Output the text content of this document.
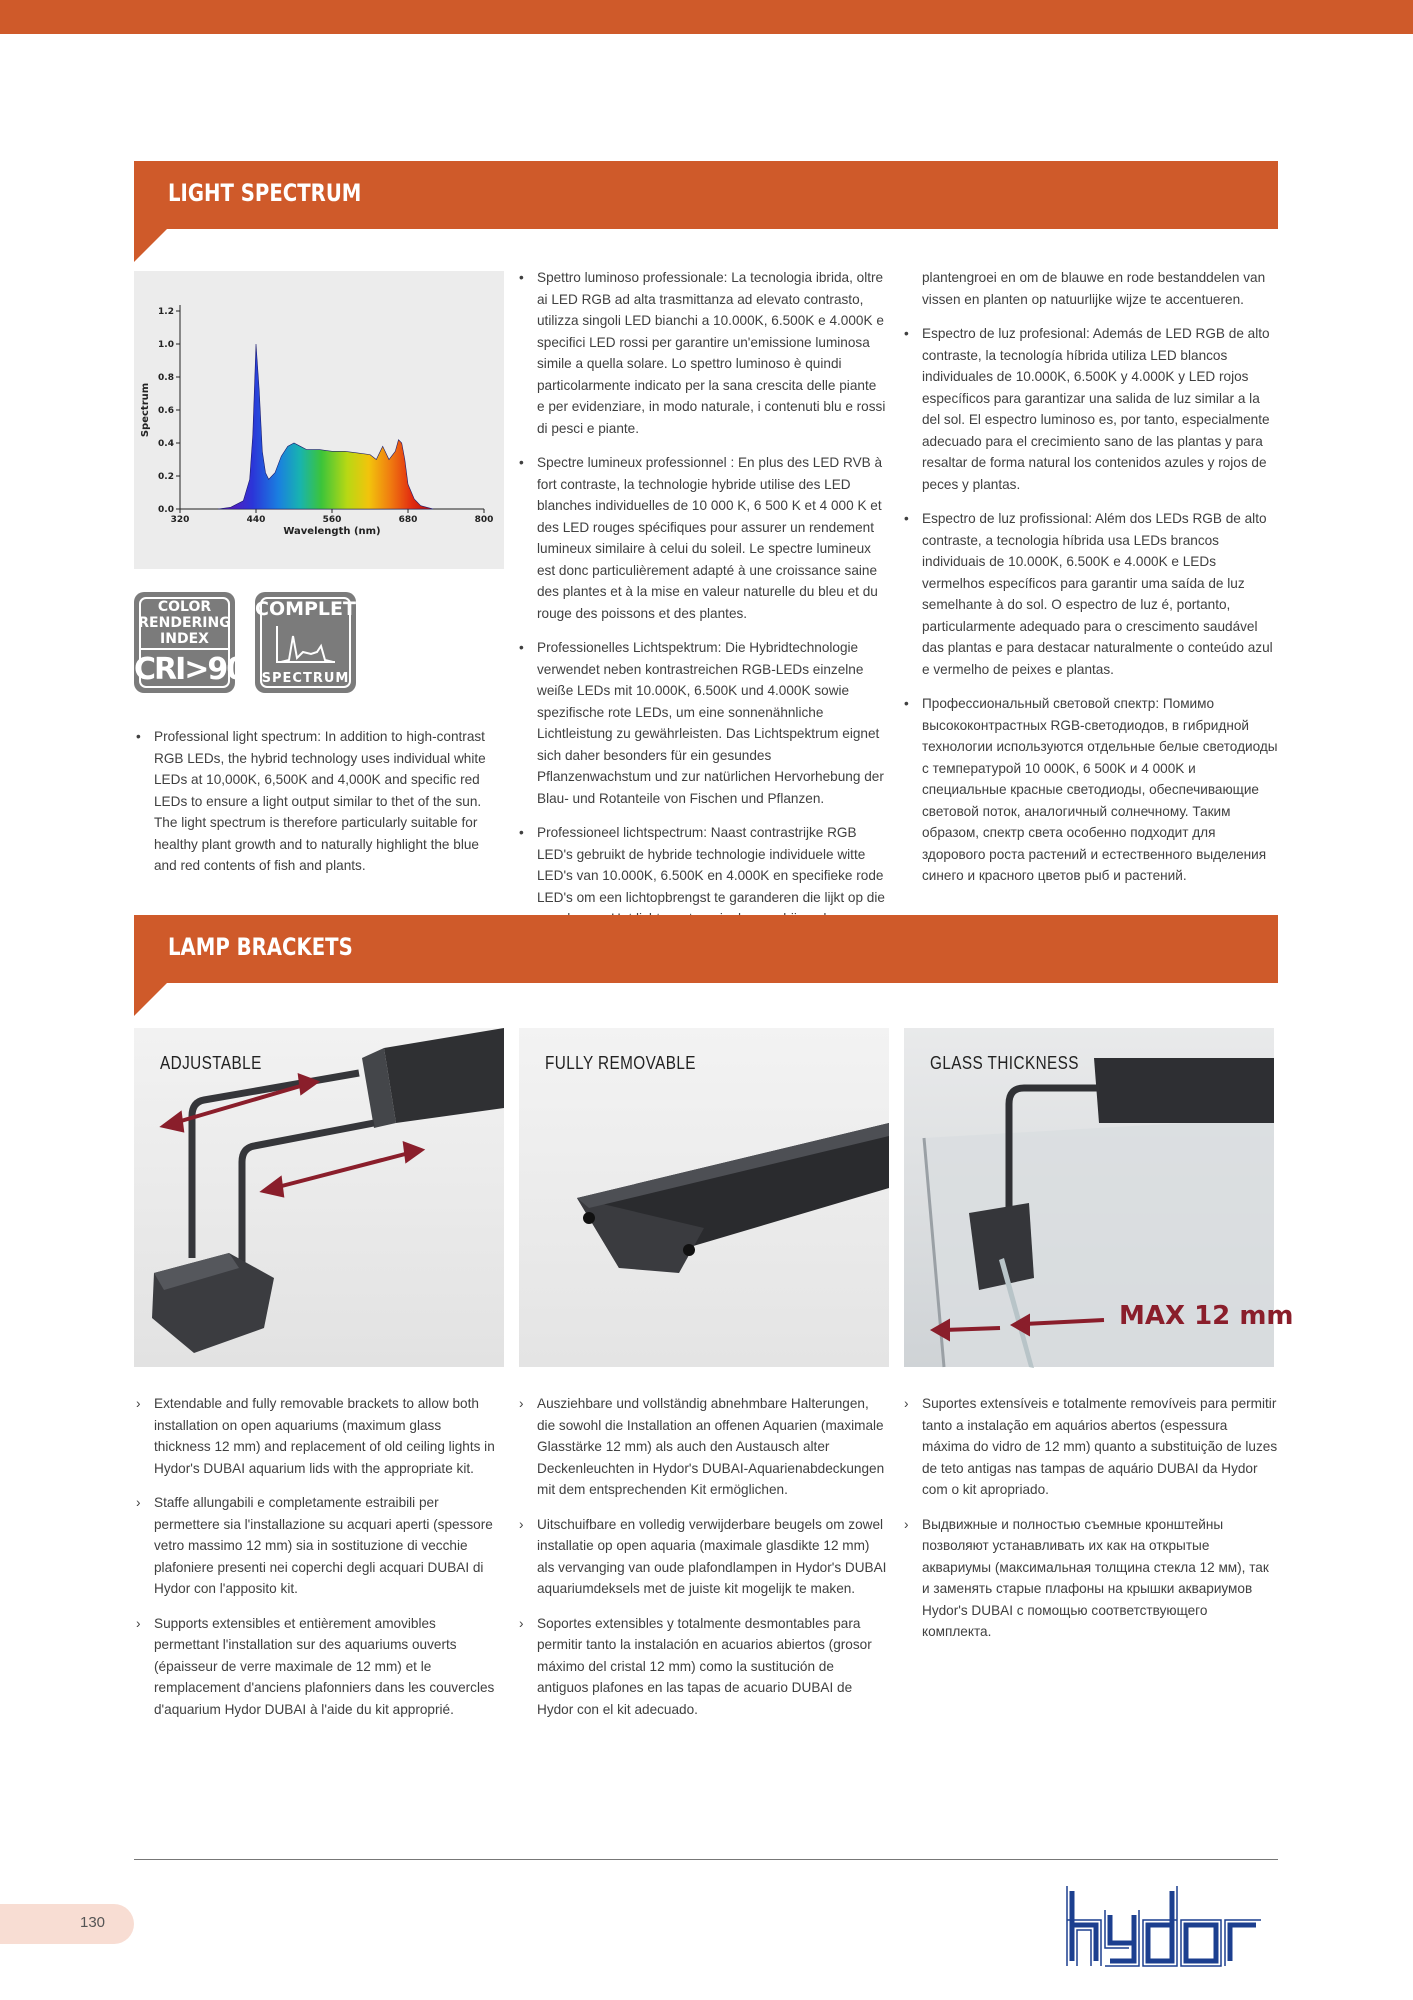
LIGHT SPECTRUM
0.0
0.2
0.4
0.6
0.8
1.0
1.2
320	440	560	680	800
Wavelength (nm)
Spectrum
COLOR
RENDERING
INDEX
CRI>90
COMPLETE
SPECTRUM

• Professional light spectrum: In addition to high-contrast RGB LEDs, the hybrid technology uses individual white LEDs at 10,000K, 6,500K and 4,000K and specific red LEDs to ensure a light output similar to thet of the sun. The light spectrum is therefore particularly suitable for healthy plant growth and to naturally highlight the blue and red contents of fish and plants.

• Spettro luminoso professionale: La tecnologia ibrida, oltre ai LED RGB ad alta trasmittanza ad elevato contrasto, utilizza singoli LED bianchi a 10.000K, 6.500K e 4.000K e specifici LED rossi per garantire un'emissione luminosa simile a quella solare. Lo spettro luminoso è quindi particolarmente indicato per la sana crescita delle piante e per evidenziare, in modo naturale, i contenuti blu e rossi di pesci e piante.

• Spectre lumineux professionnel : En plus des LED RVB à fort contraste, la technologie hybride utilise des LED blanches individuelles de 10 000 K, 6 500 K et 4 000 K et des LED rouges spécifiques pour assurer un rendement lumineux similaire à celui du soleil. Le spectre lumineux est donc particulièrement adapté à une croissance saine des plantes et à la mise en valeur naturelle du bleu et du rouge des poissons et des plantes.

• Professionelles Lichtspektrum: Die Hybridtechnologie verwendet neben kontrastreichen RGB-LEDs einzelne weiße LEDs mit 10.000K, 6.500K und 4.000K sowie spezifische rote LEDs, um eine sonnenähnliche Lichtleistung zu gewährleisten. Das Lichtspektrum eignet sich daher besonders für ein gesundes Pflanzenwachstum und zur natürlichen Hervorhebung der Blau- und Rotanteile von Fischen und Pflanzen.

• Professioneel lichtspectrum: Naast contrastrijke RGB LED's gebruikt de hybride technologie individuele witte LED's van 10.000K, 6.500K en 4.000K en specifieke rode LED's om een lichtopbrengst te garanderen die lijkt op die

plantengroei en om de blauwe en rode bestanddelen van vissen en planten op natuurlijke wijze te accentueren.

• Espectro de luz profesional: Además de LED RGB de alto contraste, la tecnología híbrida utiliza LED blancos individuales de 10.000K, 6.500K y 4.000K y LED rojos específicos para garantizar una salida de luz similar a la del sol. El espectro luminoso es, por tanto, especialmente adecuado para el crecimiento sano de las plantas y para resaltar de forma natural los contenidos azules y rojos de peces y plantas.

• Espectro de luz profissional: Além dos LEDs RGB de alto contraste, a tecnologia híbrida usa LEDs brancos individuais de 10.000K, 6.500K e 4.000K e LEDs vermelhos específicos para garantir uma saída de luz semelhante à do sol. O espectro de luz é, portanto, particularmente adequado para o crescimento saudável das plantas e para destacar naturalmente o conteúdo azul e vermelho de peixes e plantas.

• Профессиональный световой спектр: Помимо высококонтрастных RGB-светодиодов, в гибридной технологии используются отдельные белые светодиоды с температурой 10 000K, 6 500K и 4 000K и специальные красные светодиоды, обеспечивающие световой поток, аналогичный солнечному. Таким образом, спектр света особенно подходит для здорового роста растений и естественного выделения синего и красного цветов рыб и растений.

LAMP BRACKETS
ADJUSTABLE	FULLY REMOVABLE
MAX 12 mm
GLASS THICKNESS

› Extendable and fully removable brackets to allow both installation on open aquariums (maximum glass thickness 12 mm) and replacement of old ceiling lights in Hydor's DUBAI aquarium lids with the appropriate kit.

› Staffe allungabili e completamente estraibili per permettere sia l'installazione su acquari aperti (spessore vetro massimo 12 mm) sia in sostituzione di vecchie plafoniere presenti nei coperchi degli acquari DUBAI di Hydor con l'apposito kit.

› Supports extensibles et entièrement amovibles permettant l'installation sur des aquariums ouverts (épaisseur de verre maximale de 12 mm) et le remplacement d'anciens plafonniers dans les couvercles d'aquarium Hydor DUBAI à l'aide du kit approprié.

› Ausziehbare und vollständig abnehmbare Halterungen, die sowohl die Installation an offenen Aquarien (maximale Glasstärke 12 mm) als auch den Austausch alter Deckenleuchten in Hydor's DUBAI-Aquarienabdeckungen mit dem entsprechenden Kit ermöglichen.

› Uitschuifbare en volledig verwijderbare beugels om zowel installatie op open aquaria (maximale glasdikte 12 mm) als vervanging van oude plafondlampen in Hydor's DUBAI aquariumdeksels met de juiste kit mogelijk te maken.

› Soportes extensibles y totalmente desmontables para permitir tanto la instalación en acuarios abiertos (grosor máximo del cristal 12 mm) como la sustitución de antiguos plafones en las tapas de acuario DUBAI de Hydor con el kit adecuado.

› Suportes extensíveis e totalmente removíveis para permitir tanto a instalação em aquários abertos (espessura máxima do vidro de 12 mm) quanto a substituição de luzes de teto antigas nas tampas de aquário DUBAI da Hydor com o kit apropriado.

› Выдвижные и полностью съемные кронштейны позволяют устанавливать их как на открытые аквариумы (максимальная толщина стекла 12 мм), так и заменять старые плафоны на крышки аквариумов Hydor's DUBAI с помощью соответствующего комплекта.

130
